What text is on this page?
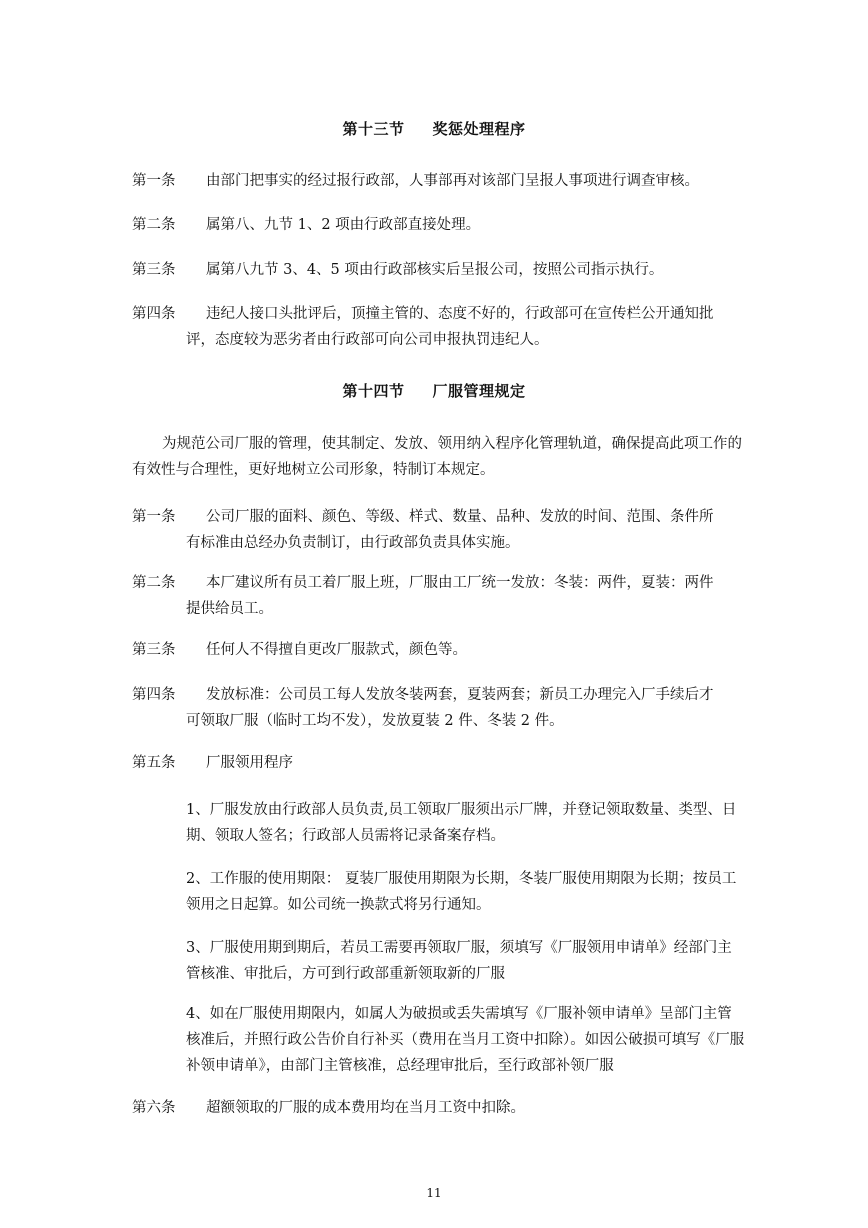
第十三节 奖惩处理程序
第一条	由部门把事实的经过报行政部，人事部再对该部门呈报人事项进行调查审核。
第二条	属第八、九节 1、2 项由行政部直接处理。
第三条	属第八九节 3、4、5 项由行政部核实后呈报公司，按照公司指示执行。
第四条	违纪人接口头批评后，顶撞主管的、态度不好的，行政部可在宣传栏公开通知批
评，态度较为恶劣者由行政部可向公司申报执罚违纪人。
第十四节 厂服管理规定
为规范公司厂服的管理，使其制定、发放、领用纳入程序化管理轨道，确保提高此项工作的有效性与合理性，更好地树立公司形象，特制订本规定。
第一条	公司厂服的面料、颜色、等级、样式、数量、品种、发放的时间、范围、条件所
有标准由总经办负责制订，由行政部负责具体实施。
第二条	本厂建议所有员工着厂服上班，厂服由工厂统一发放：冬装：两件，夏装：两件
提供给员工。
第三条	任何人不得擅自更改厂服款式，颜色等。
第四条	发放标准：公司员工每人发放冬装两套，夏装两套；新员工办理完入厂手续后才
可领取厂服（临时工均不发），发放夏装 2 件、冬装 2 件。
第五条	厂服领用程序
1、厂服发放由行政部人员负责,员工领取厂服须出示厂牌，并登记领取数量、类型、日期、领取人签名；行政部人员需将记录备案存档。
2、工作服的使用期限： 夏装厂服使用期限为长期，冬装厂服使用期限为长期；按员工领用之日起算。如公司统一换款式将另行通知。
3、厂服使用期到期后，若员工需要再领取厂服，须填写《厂服领用申请单》经部门主管核准、审批后，方可到行政部重新领取新的厂服
4、如在厂服使用期限内，如属人为破损或丢失需填写《厂服补领申请单》呈部门主管核准后，并照行政公告价自行补买（费用在当月工资中扣除）。如因公破损可填写《厂服补领申请单》，由部门主管核准，总经理审批后，至行政部补领厂服
第六条	超额领取的厂服的成本费用均在当月工资中扣除。
11
